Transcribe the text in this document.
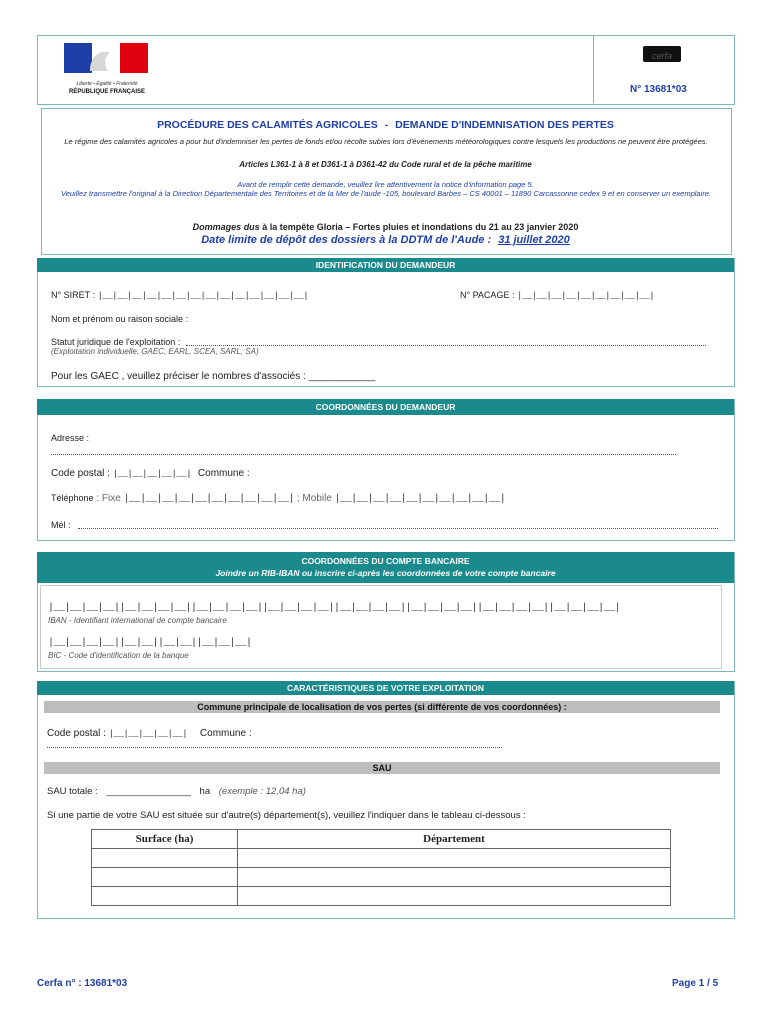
Liberté • Égalité • Fraternité
RÉPUBLIQUE FRANÇAISE
cerfa
N° 13681*03
PROCÉDURE DES CALAMITÉS AGRICOLES - DEMANDE D'INDEMNISATION DES PERTES
Le régime des calamités agricoles a pour but d'indemniser les pertes de fonds et/ou récolte subies lors d'événements météorologiques contre lesquels les productions ne peuvent être protégées.
Articles L361-1 à 8 et D361-1 à D361-42 du Code rural et de la pêche maritime
Avant de remplir cette demande, veuillez lire attentivement la notice d'information page 5.
Veuillez transmettre l'original à la Direction Départementale des Territoires et de la Mer de l'aude -105, boulevard Barbes – CS 40001 – 11890 Carcassonne cedex 9 et en conserver un exemplaire.
Dommages dus à la tempête Gloria – Fortes pluies et inondations du 21 au 23 janvier 2020
Date limite de dépôt des dossiers à la DDTM de l'Aude : 31 juillet 2020
IDENTIFICATION DU DEMANDEUR
N° SIRET : |__|__|__|__|__|__|__|__|__|__|__|__|__|__|	N° PACAGE : |__|__|__|__|__|__|__|__|__|
Nom et prénom ou raison sociale :
Statut juridique de l'exploitation :
(Exploitation individuelle, GAEC, EARL, SCEA, SARL, SA)
Pour les GAEC , veuillez préciser le nombres d'associés : ____________
COORDONNÉES DU DEMANDEUR
Adresse :
Code postal : |__|__|__|__|__| Commune :
Téléphone : Fixe |__|__|__|__|__|__|__|__|__|__| ; Mobile |__|__|__|__|__|__|__|__|__|__|
Mél :
COORDONNÉES DU COMPTE BANCAIRE
Joindre un RIB-IBAN ou inscrire ci-après les coordonnées de votre compte bancaire
|__|__|__|__||__|__|__|__||__|__|__|__||__|__|__|__||__|__|__|__||__|__|__|__||__|__|__|__||__|__|__|__|
IBAN - Identifiant international de compte bancaire
|__|__|__|__||__|__||__|__||__|__|__|
BIC - Code d'identification de la banque
CARACTÉRISTIQUES DE VOTRE EXPLOITATION
Commune principale de localisation de vos pertes (si différente de vos coordonnées) :
Code postal : |__|__|__|__|__| Commune :
SAU
SAU totale : ________________ ha (exemple : 12,04 ha)
Si une partie de votre SAU est située sur d'autre(s) département(s), veuillez l'indiquer dans le tableau ci-dessous :
Surface (ha)	Département

Cerfa n° : 13681*03	Page 1 / 5
